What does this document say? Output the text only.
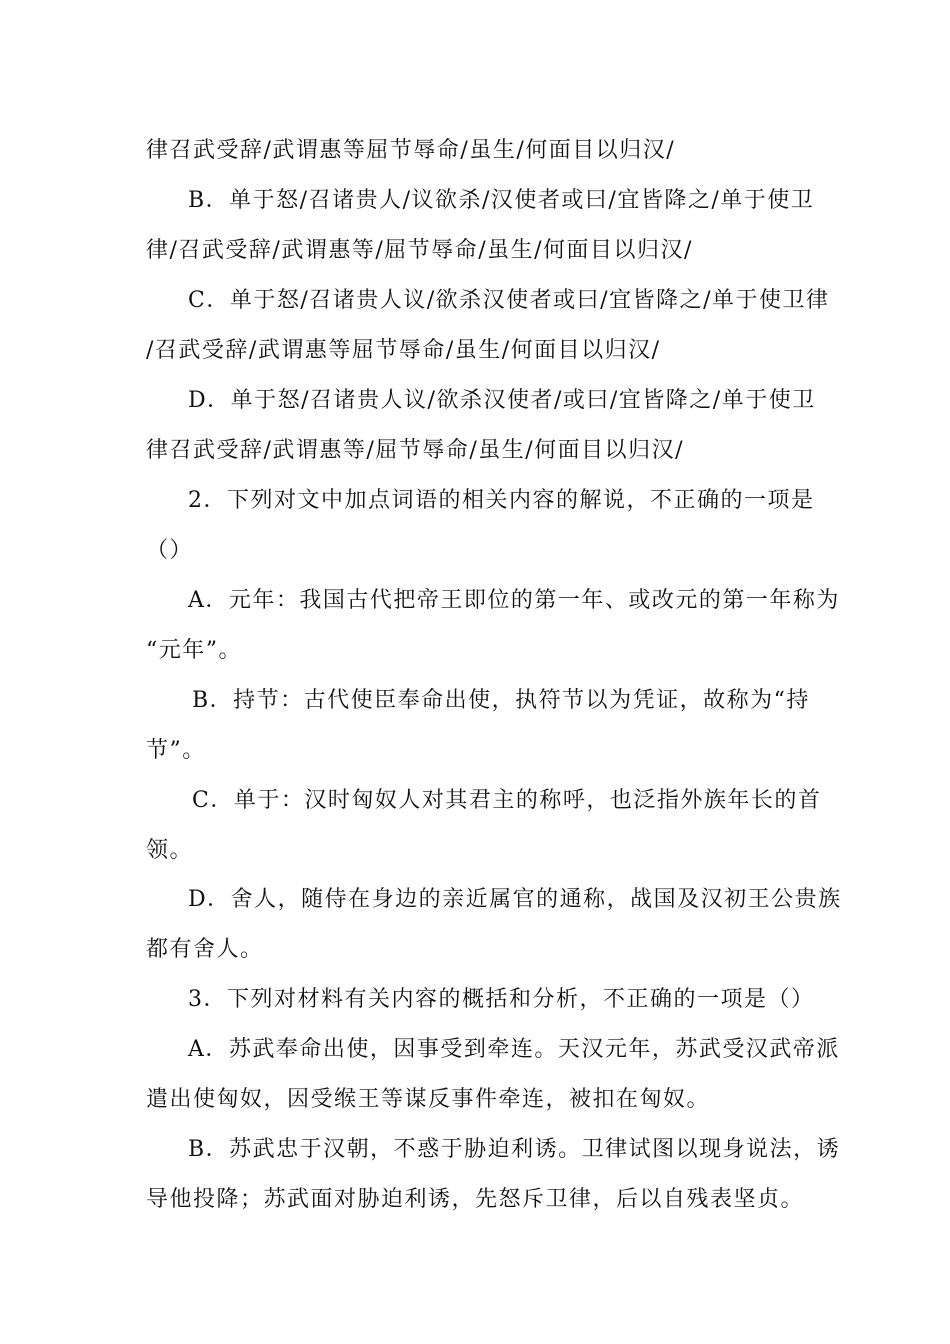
律召武受辞/武谓惠等屈节辱命/虽生/何面目以归汉/
B．单于怒/召诸贵人/议欲杀/汉使者或曰/宜皆降之/单于使卫
律/召武受辞/武谓惠等/屈节辱命/虽生/何面目以归汉/
C．单于怒/召诸贵人议/欲杀汉使者或曰/宜皆降之/单于使卫律
/召武受辞/武谓惠等屈节辱命/虽生/何面目以归汉/
D．单于怒/召诸贵人议/欲杀汉使者/或曰/宜皆降之/单于使卫
律召武受辞/武谓惠等/屈节辱命/虽生/何面目以归汉/
2．下列对文中加点词语的相关内容的解说，不正确的一项是
（）
A．元年：我国古代把帝王即位的第一年、或改元的第一年称为
“元年”。
B．持节：古代使臣奉命出使，执符节以为凭证，故称为“持
节”。
C．单于：汉时匈奴人对其君主的称呼，也泛指外族年长的首
领。
D．舍人，随侍在身边的亲近属官的通称，战国及汉初王公贵族
都有舍人。
3．下列对材料有关内容的概括和分析，不正确的一项是（）
A．苏武奉命出使，因事受到牵连。天汉元年，苏武受汉武帝派
遣出使匈奴，因受缑王等谋反事件牵连，被扣在匈奴。
B．苏武忠于汉朝，不惑于胁迫利诱。卫律试图以现身说法，诱
导他投降；苏武面对胁迫利诱，先怒斥卫律，后以自残表坚贞。
